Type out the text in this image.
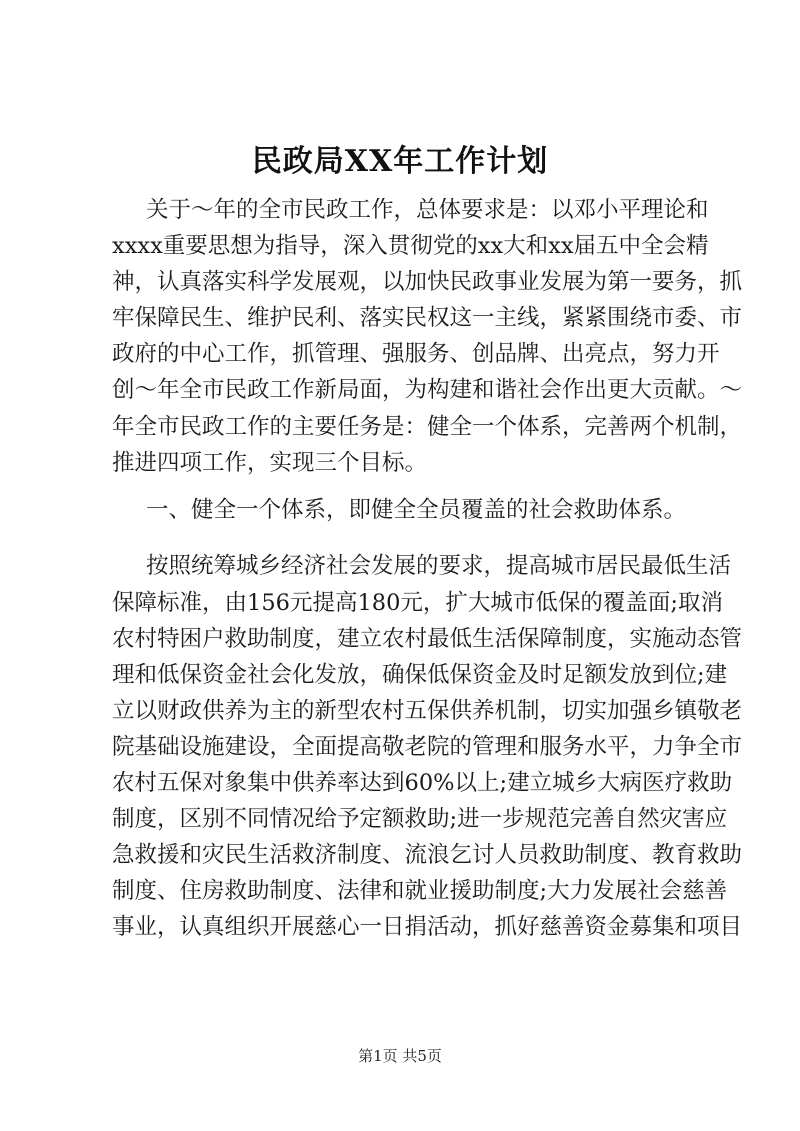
民政局XX年工作计划
关于～年的全市民政工作，总体要求是：以邓小平理论和
xxxx重要思想为指导，深入贯彻党的xx大和xx届五中全会精
神，认真落实科学发展观，以加快民政事业发展为第一要务，抓
牢保障民生、维护民利、落实民权这一主线，紧紧围绕市委、市
政府的中心工作，抓管理、强服务、创品牌、出亮点，努力开
创～年全市民政工作新局面，为构建和谐社会作出更大贡献。～
年全市民政工作的主要任务是：健全一个体系，完善两个机制，
推进四项工作，实现三个目标。
一、健全一个体系，即健全全员覆盖的社会救助体系。
按照统筹城乡经济社会发展的要求，提高城市居民最低生活
保障标准，由156元提高180元，扩大城市低保的覆盖面;取消
农村特困户救助制度，建立农村最低生活保障制度，实施动态管
理和低保资金社会化发放，确保低保资金及时足额发放到位;建
立以财政供养为主的新型农村五保供养机制，切实加强乡镇敬老
院基础设施建设，全面提高敬老院的管理和服务水平，力争全市
农村五保对象集中供养率达到60%以上;建立城乡大病医疗救助
制度，区别不同情况给予定额救助;进一步规范完善自然灾害应
急救援和灾民生活救济制度、流浪乞讨人员救助制度、教育救助
制度、住房救助制度、法律和就业援助制度;大力发展社会慈善
事业，认真组织开展慈心一日捐活动，抓好慈善资金募集和项目
第1页 共5页
